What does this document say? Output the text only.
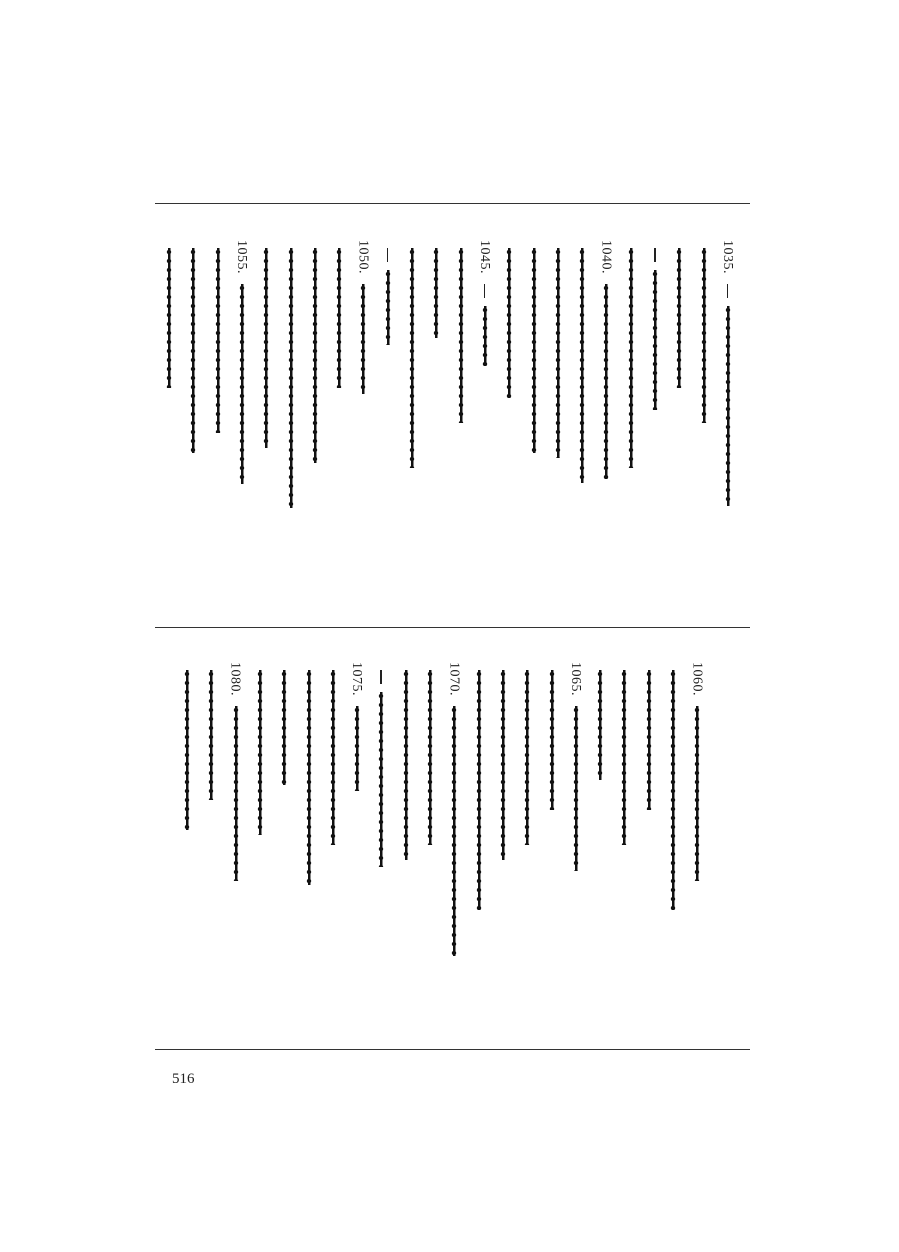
1055.	1050.	1045.	1040.	1035.
1080.	1075.	1070.	1065.	1060.
516
